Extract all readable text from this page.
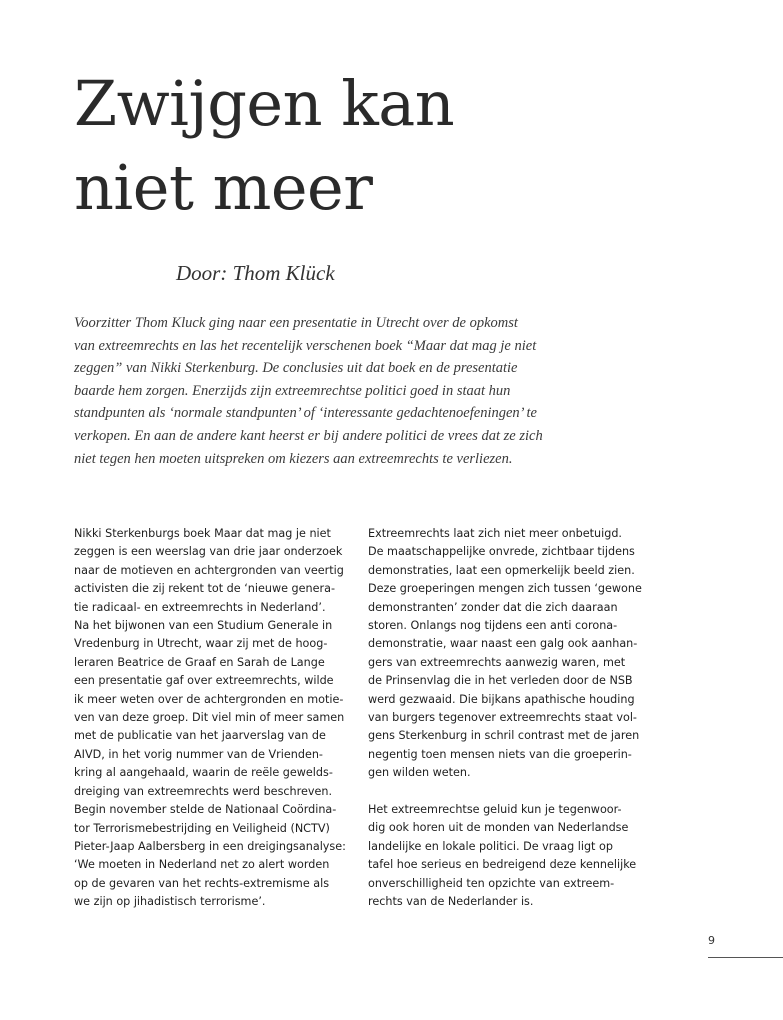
Zwijgen kan
niet meer

Door: Thom Klück

Voorzitter Thom Kluck ging naar een presentatie in Utrecht over de opkomst
van extreemrechts en las het recentelijk verschenen boek “Maar dat mag je niet
zeggen” van Nikki Sterkenburg. De conclusies uit dat boek en de presentatie
baarde hem zorgen. Enerzijds zijn extreemrechtse politici goed in staat hun
standpunten als ‘normale standpunten’ of ‘interessante gedachtenoefeningen’ te
verkopen. En aan de andere kant heerst er bij andere politici de vrees dat ze zich
niet tegen hen moeten uitspreken om kiezers aan extreemrechts te verliezen.

Nikki Sterkenburgs boek Maar dat mag je niet
zeggen is een weerslag van drie jaar onderzoek
naar de motieven en achtergronden van veertig
activisten die zij rekent tot de ‘nieuwe genera-
tie radicaal- en extreemrechts in Nederland’.
Na het bijwonen van een Studium Generale in
Vredenburg in Utrecht, waar zij met de hoog-
leraren Beatrice de Graaf en Sarah de Lange
een presentatie gaf over extreemrechts, wilde
ik meer weten over de achtergronden en motie-
ven van deze groep. Dit viel min of meer samen
met de publicatie van het jaarverslag van de
AIVD, in het vorig nummer van de Vrienden-
kring al aangehaald, waarin de reële gewelds-
dreiging van extreemrechts werd beschreven.
Begin november stelde de Nationaal Coördina-
tor Terrorismebestrijding en Veiligheid (NCTV)
Pieter-Jaap Aalbersberg in een dreigingsanalyse:
‘We moeten in Nederland net zo alert worden
op de gevaren van het rechts-extremisme als
we zijn op jihadistisch terrorisme’.

Extreemrechts laat zich niet meer onbetuigd.
De maatschappelijke onvrede, zichtbaar tijdens
demonstraties, laat een opmerkelijk beeld zien.
Deze groeperingen mengen zich tussen ‘gewone
demonstranten’ zonder dat die zich daaraan
storen. Onlangs nog tijdens een anti corona-
demonstratie, waar naast een galg ook aanhan-
gers van extreemrechts aanwezig waren, met
de Prinsenvlag die in het verleden door de NSB
werd gezwaaid. Die bijkans apathische houding
van burgers tegenover extreemrechts staat vol-
gens Sterkenburg in schril contrast met de jaren
negentig toen mensen niets van die groeperin-
gen wilden weten.

Het extreemrechtse geluid kun je tegenwoor-
dig ook horen uit de monden van Nederlandse
landelijke en lokale politici. De vraag ligt op
tafel hoe serieus en bedreigend deze kennelijke
onverschilligheid ten opzichte van extreem-
rechts van de Nederlander is.

9
